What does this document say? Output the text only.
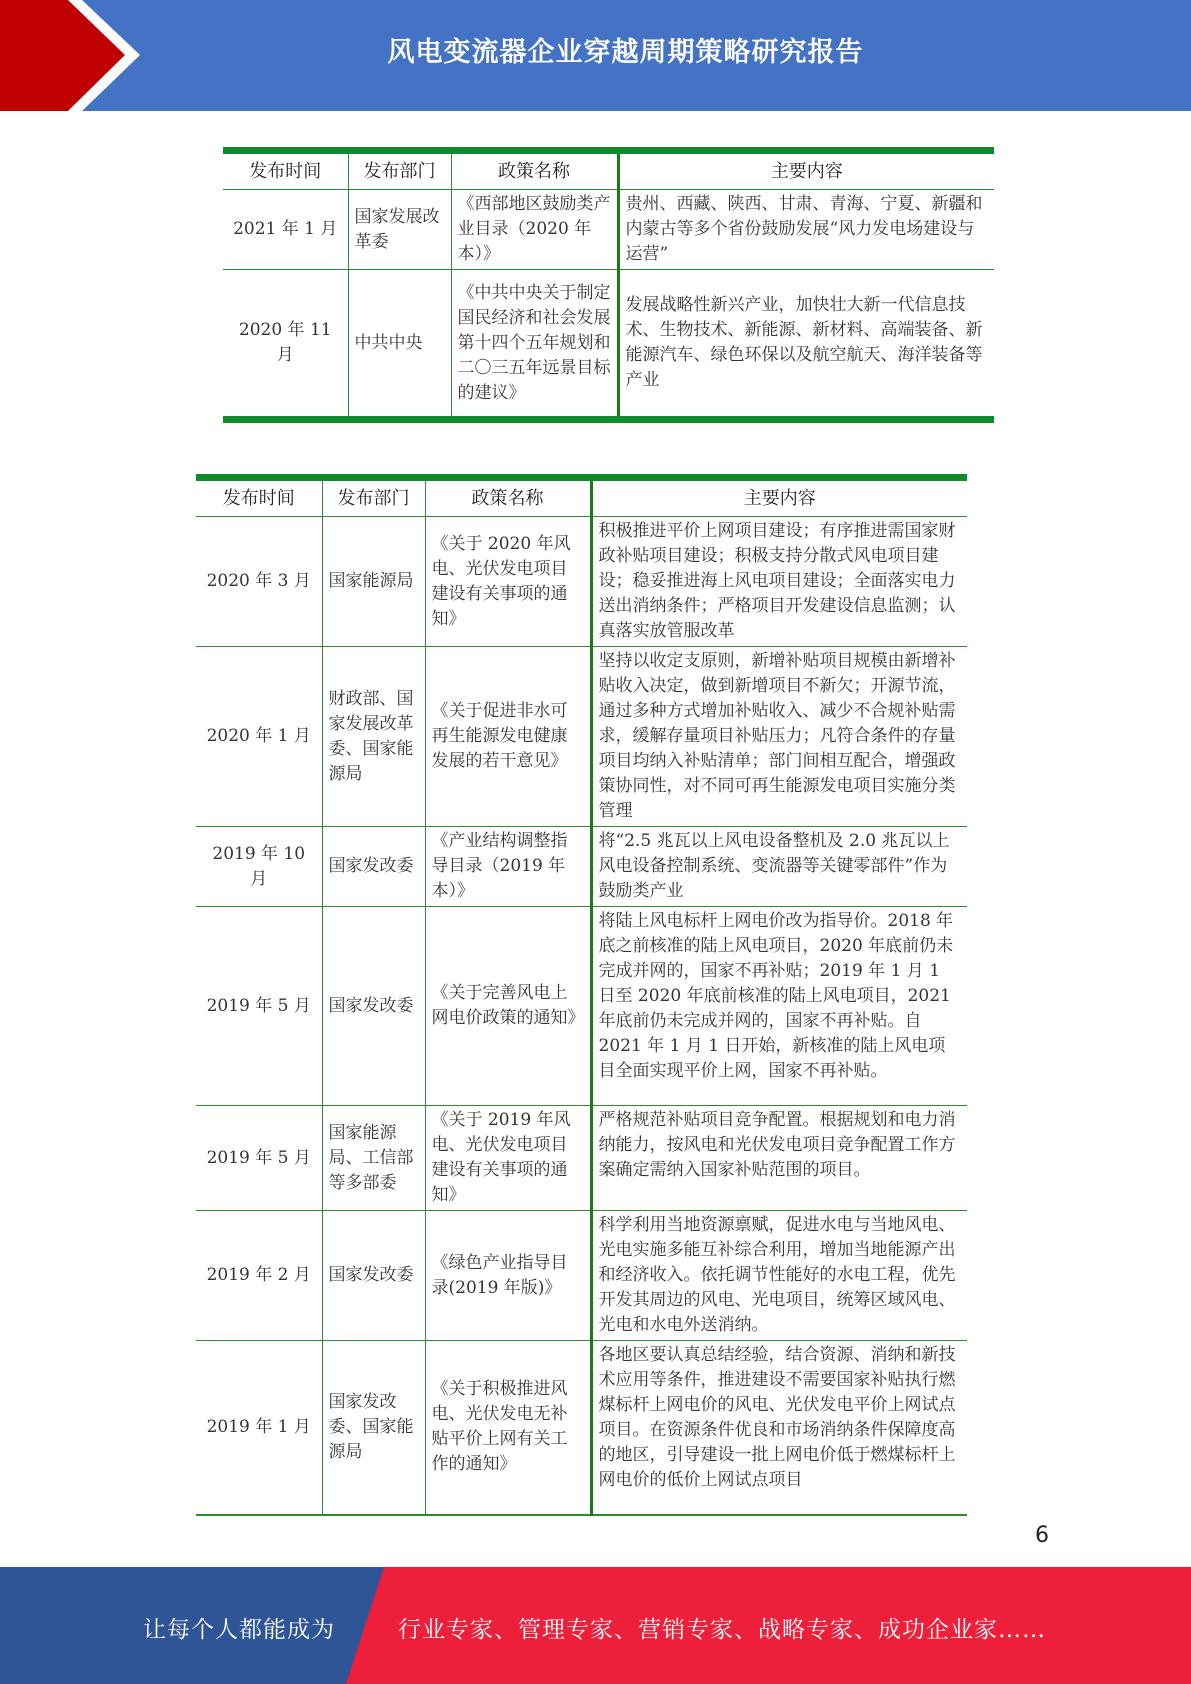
风电变流器企业穿越周期策略研究报告
发布时间	发布部门	政策名称	主要内容
2021 年 1 月	国家发展改革委	《西部地区鼓励类产业目录（2020 年本）》	贵州、西藏、陕西、甘肃、青海、宁夏、新疆和内蒙古等多个省份鼓励发展“风力发电场建设与运营”
2020 年 11 月	中共中央	《中共中央关于制定国民经济和社会发展第十四个五年规划和二〇三五年远景目标的建议》	发展战略性新兴产业，加快壮大新一代信息技术、生物技术、新能源、新材料、高端装备、新能源汽车、绿色环保以及航空航天、海洋装备等产业
发布时间	发布部门	政策名称	主要内容
2020 年 3 月	国家能源局	《关于 2020 年风电、光伏发电项目建设有关事项的通知》	积极推进平价上网项目建设；有序推进需国家财政补贴项目建设；积极支持分散式风电项目建设；稳妥推进海上风电项目建设；全面落实电力送出消纳条件；严格项目开发建设信息监测；认真落实放管服改革
2020 年 1 月	财政部、国家发展改革委、国家能源局	《关于促进非水可再生能源发电健康发展的若干意见》	坚持以收定支原则，新增补贴项目规模由新增补贴收入决定，做到新增项目不新欠；开源节流，通过多种方式增加补贴收入、减少不合规补贴需求，缓解存量项目补贴压力；凡符合条件的存量项目均纳入补贴清单；部门间相互配合，增强政策协同性，对不同可再生能源发电项目实施分类管理
2019 年 10 月	国家发改委	《产业结构调整指导目录（2019 年本）》	将“2.5 兆瓦以上风电设备整机及 2.0 兆瓦以上风电设备控制系统、变流器等关键零部件”作为鼓励类产业
2019 年 5 月	国家发改委	《关于完善风电上网电价政策的通知》	将陆上风电标杆上网电价改为指导价。2018 年底之前核准的陆上风电项目，2020 年底前仍未完成并网的，国家不再补贴；2019 年 1 月 1 日至 2020 年底前核准的陆上风电项目，2021 年底前仍未完成并网的，国家不再补贴。自 2021 年 1 月 1 日开始，新核准的陆上风电项目全面实现平价上网，国家不再补贴。
2019 年 5 月	国家能源局、工信部等多部委	《关于 2019 年风电、光伏发电项目建设有关事项的通知》	严格规范补贴项目竞争配置。根据规划和电力消纳能力，按风电和光伏发电项目竞争配置工作方案确定需纳入国家补贴范围的项目。
2019 年 2 月	国家发改委	《绿色产业指导目录(2019 年版)》	科学利用当地资源禀赋，促进水电与当地风电、光电实施多能互补综合利用，增加当地能源产出和经济收入。依托调节性能好的水电工程，优先开发其周边的风电、光电项目，统筹区域风电、光电和水电外送消纳。
2019 年 1 月	国家发改委、国家能源局	《关于积极推进风电、光伏发电无补贴平价上网有关工作的通知》	各地区要认真总结经验，结合资源、消纳和新技术应用等条件，推进建设不需要国家补贴执行燃煤标杆上网电价的风电、光伏发电平价上网试点项目。在资源条件优良和市场消纳条件保障度高的地区，引导建设一批上网电价低于燃煤标杆上网电价的低价上网试点项目
6
让每个人都能成为	行业专家、管理专家、营销专家、战略专家、成功企业家……
